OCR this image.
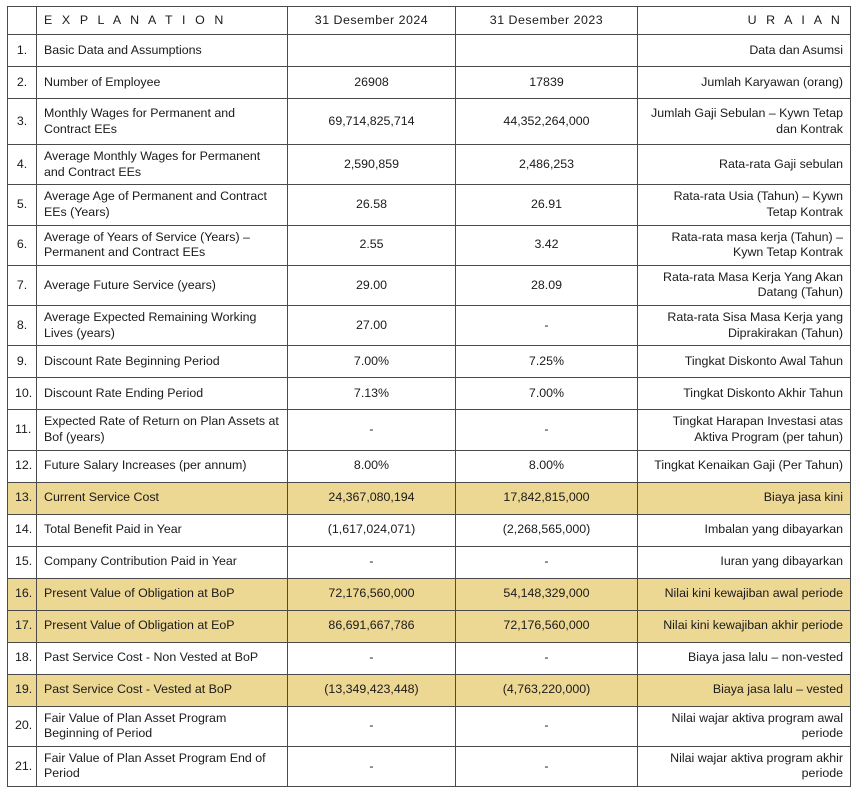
	E X P L A N A T I O N	31 Desember 2024	31 Desember 2023	U R A I A N
1.	Basic Data and Assumptions			Data dan Asumsi
2.	Number of Employee	26908	17839	Jumlah Karyawan (orang)
3.	Monthly Wages for Permanent and Contract EEs	69,714,825,714	44,352,264,000	Jumlah Gaji Sebulan – Kywn Tetap dan Kontrak
4.	Average Monthly Wages for Permanent and Contract EEs	2,590,859	2,486,253	Rata-rata Gaji sebulan
5.	Average Age of Permanent and Contract EEs (Years)	26.58	26.91	Rata-rata Usia (Tahun) – Kywn Tetap Kontrak
6.	Average of Years of Service (Years) – Permanent and Contract EEs	2.55	3.42	Rata-rata masa kerja (Tahun) – Kywn Tetap Kontrak
7.	Average Future Service (years)	29.00	28.09	Rata-rata Masa Kerja Yang Akan Datang (Tahun)
8.	Average Expected Remaining Working Lives (years)	27.00	-	Rata-rata Sisa Masa Kerja yang Diprakirakan (Tahun)
9.	Discount Rate Beginning Period	7.00%	7.25%	Tingkat Diskonto Awal Tahun
10.	Discount Rate Ending Period	7.13%	7.00%	Tingkat Diskonto Akhir Tahun
11.	Expected Rate of Return on Plan Assets at Bof (years)	-	-	Tingkat Harapan Investasi atas Aktiva Program (per tahun)
12.	Future Salary Increases (per annum)	8.00%	8.00%	Tingkat Kenaikan Gaji (Per Tahun)
13.	Current Service Cost	24,367,080,194	17,842,815,000	Biaya jasa kini
14.	Total Benefit Paid in Year	(1,617,024,071)	(2,268,565,000)	Imbalan yang dibayarkan
15.	Company Contribution Paid in Year	-	-	Iuran yang dibayarkan
16.	Present Value of Obligation at BoP	72,176,560,000	54,148,329,000	Nilai kini kewajiban awal periode
17.	Present Value of Obligation at EoP	86,691,667,786	72,176,560,000	Nilai kini kewajiban akhir periode
18.	Past Service Cost - Non Vested at BoP	-	-	Biaya jasa lalu – non-vested
19.	Past Service Cost - Vested at BoP	(13,349,423,448)	(4,763,220,000)	Biaya jasa lalu – vested
20.	Fair Value of Plan Asset Program Beginning of Period	-	-	Nilai wajar aktiva program awal periode
21.	Fair Value of Plan Asset Program End of Period	-	-	Nilai wajar aktiva program akhir periode
